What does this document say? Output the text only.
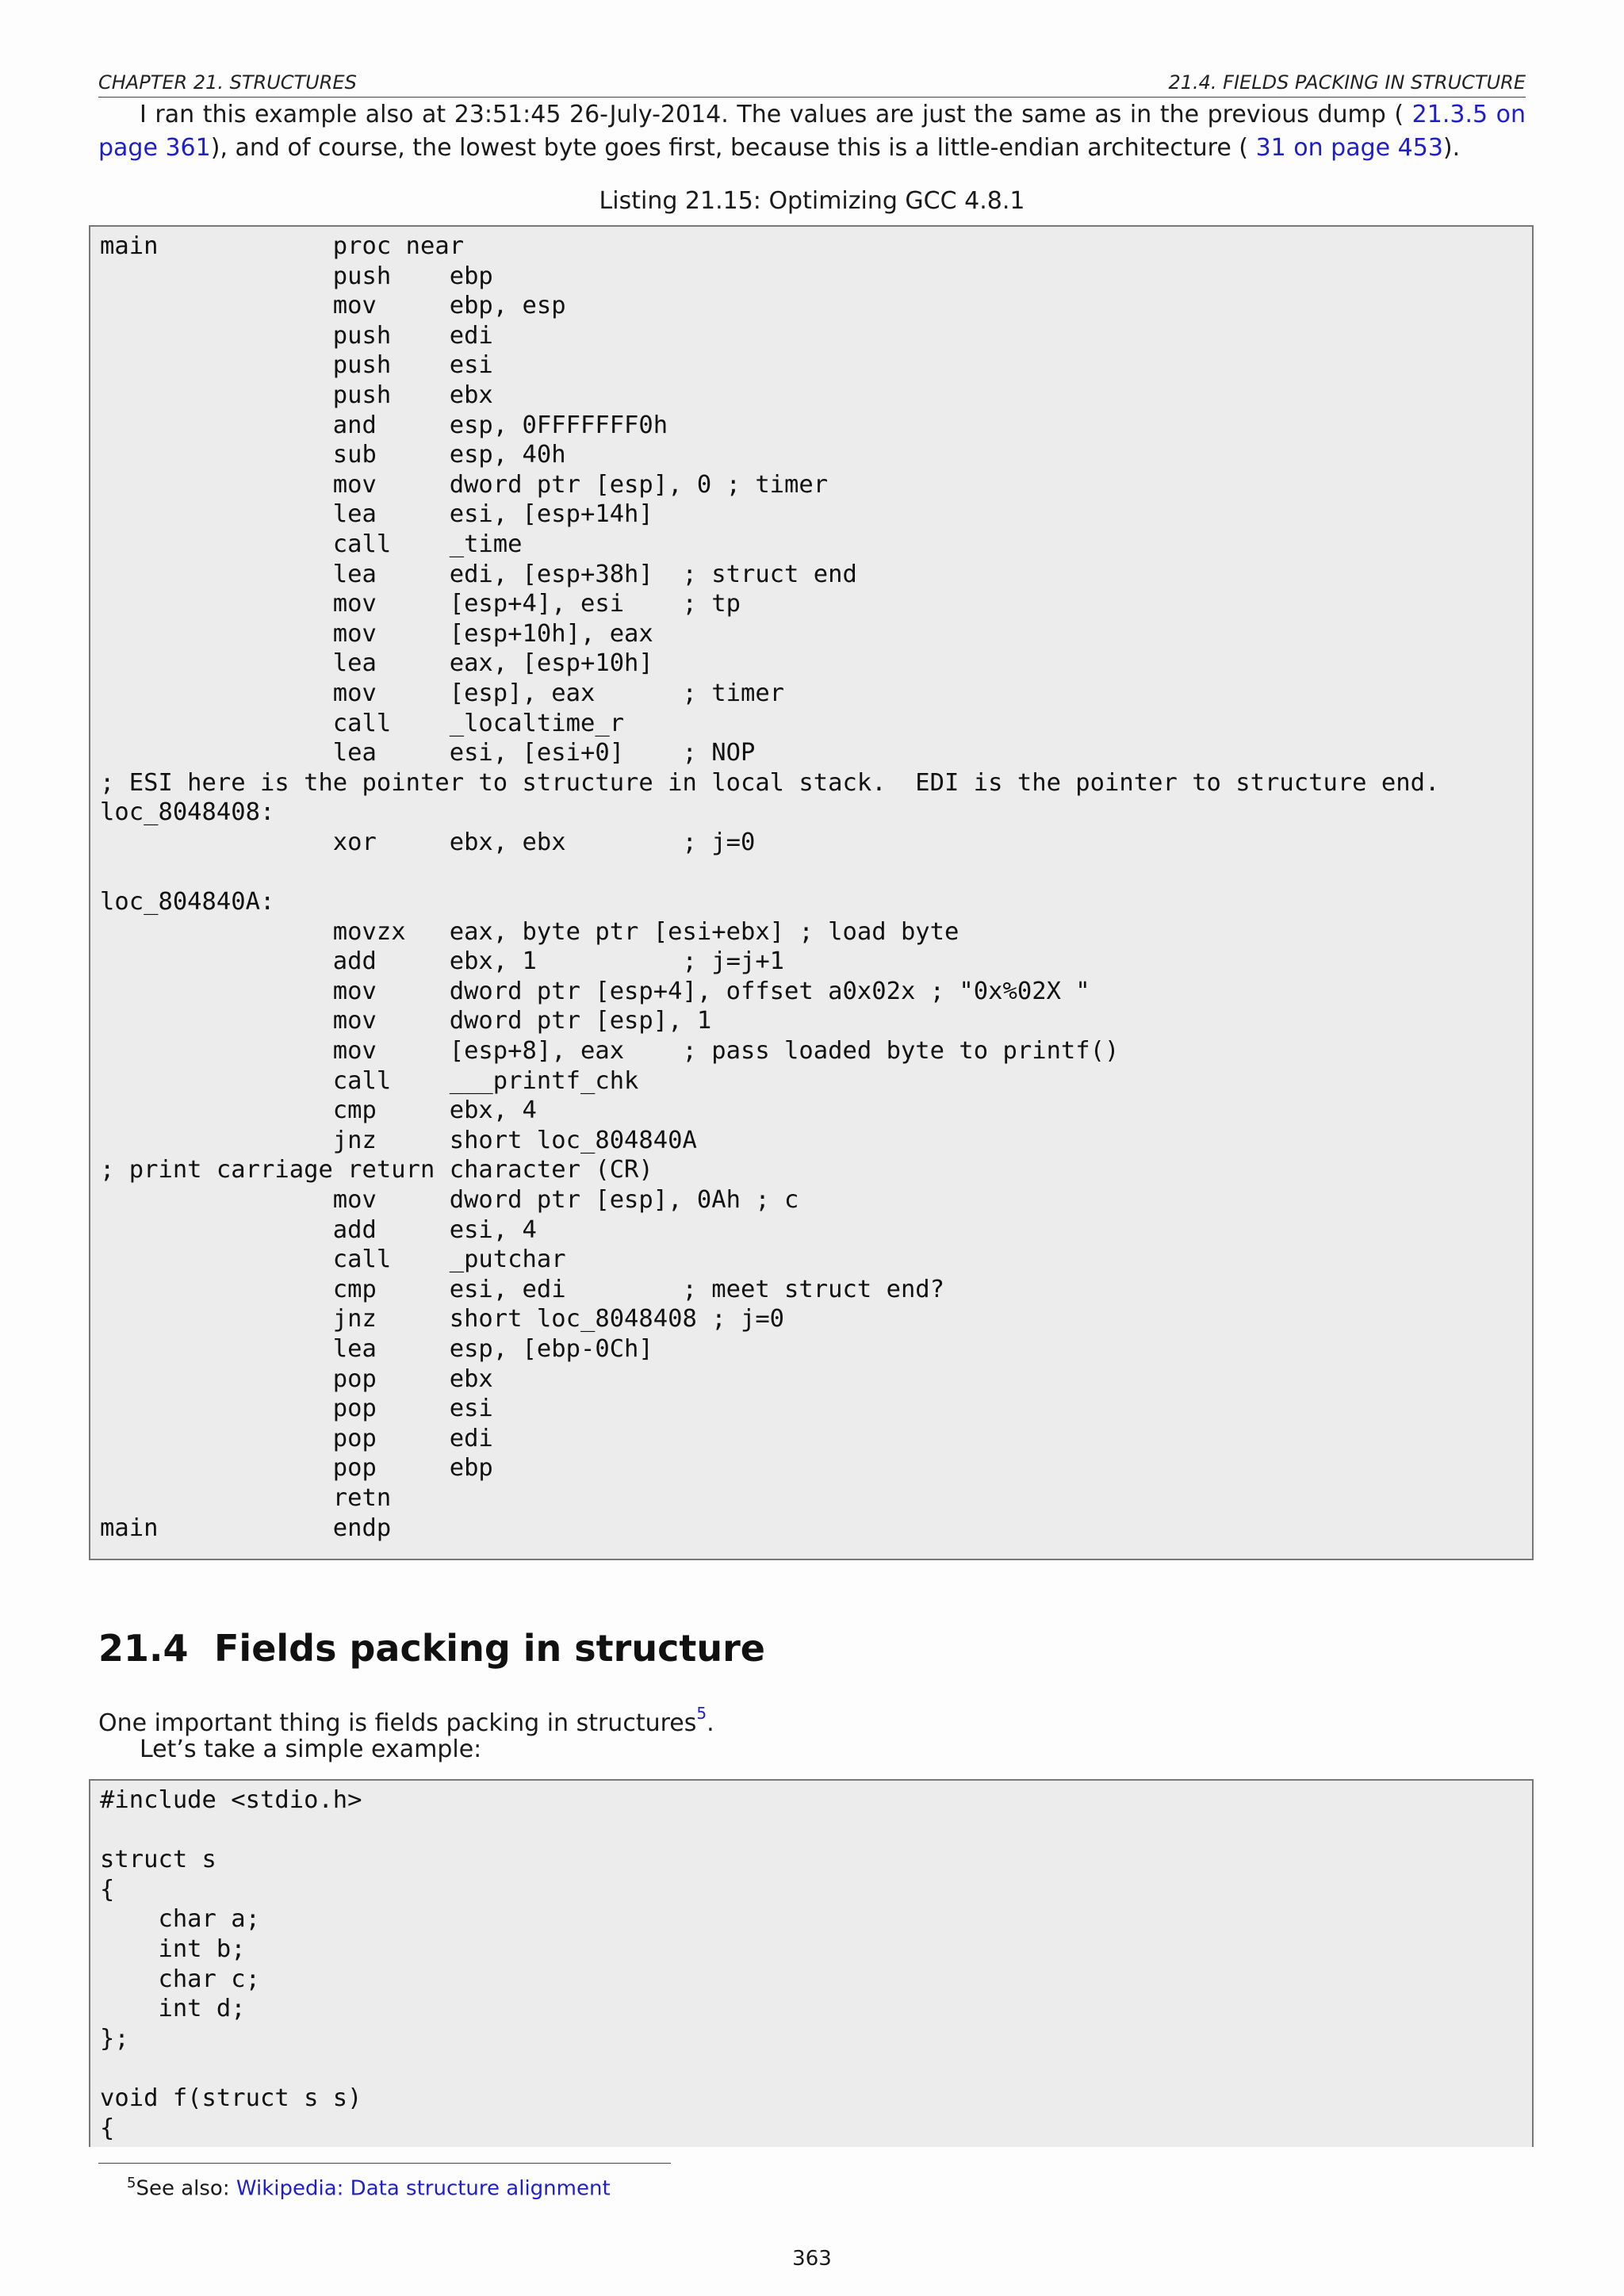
CHAPTER 21. STRUCTURES	21.4. FIELDS PACKING IN STRUCTURE
I ran this example also at 23:51:45 26-July-2014. The values are just the same as in the previous dump ( 21.3.5 on page 361), and of course, the lowest byte goes first, because this is a little-endian architecture ( 31 on page 453).
Listing 21.15: Optimizing GCC 4.8.1
main            proc near
push    ebp
mov     ebp, esp
push    edi
push    esi
push    ebx
and     esp, 0FFFFFFF0h
sub     esp, 40h
mov     dword ptr [esp], 0 ; timer
lea     esi, [esp+14h]
call    _time
lea     edi, [esp+38h]  ; struct end
mov     [esp+4], esi    ; tp
mov     [esp+10h], eax
lea     eax, [esp+10h]
mov     [esp], eax      ; timer
call    _localtime_r
lea     esi, [esi+0]    ; NOP
; ESI here is the pointer to structure in local stack.  EDI is the pointer to structure end.
loc_8048408:
xor     ebx, ebx        ; j=0

loc_804840A:
movzx   eax, byte ptr [esi+ebx] ; load byte
add     ebx, 1          ; j=j+1
mov     dword ptr [esp+4], offset a0x02x ; "0x%02X "
mov     dword ptr [esp], 1
mov     [esp+8], eax    ; pass loaded byte to printf()
call    ___printf_chk
cmp     ebx, 4
jnz     short loc_804840A
; print carriage return character (CR)
mov     dword ptr [esp], 0Ah ; c
add     esi, 4
call    _putchar
cmp     esi, edi        ; meet struct end?
jnz     short loc_8048408 ; j=0
lea     esp, [ebp-0Ch]
pop     ebx
pop     esi
pop     edi
pop     ebp
retn
main            endp
21.4 Fields packing in structure
One important thing is fields packing in structures$^5$.
Let’s take a simple example:
#include <stdio.h>

struct s
{
char a;
int b;
char c;
int d;
};

void f(struct s s)
{
$^5$See also: Wikipedia: Data structure alignment
363
